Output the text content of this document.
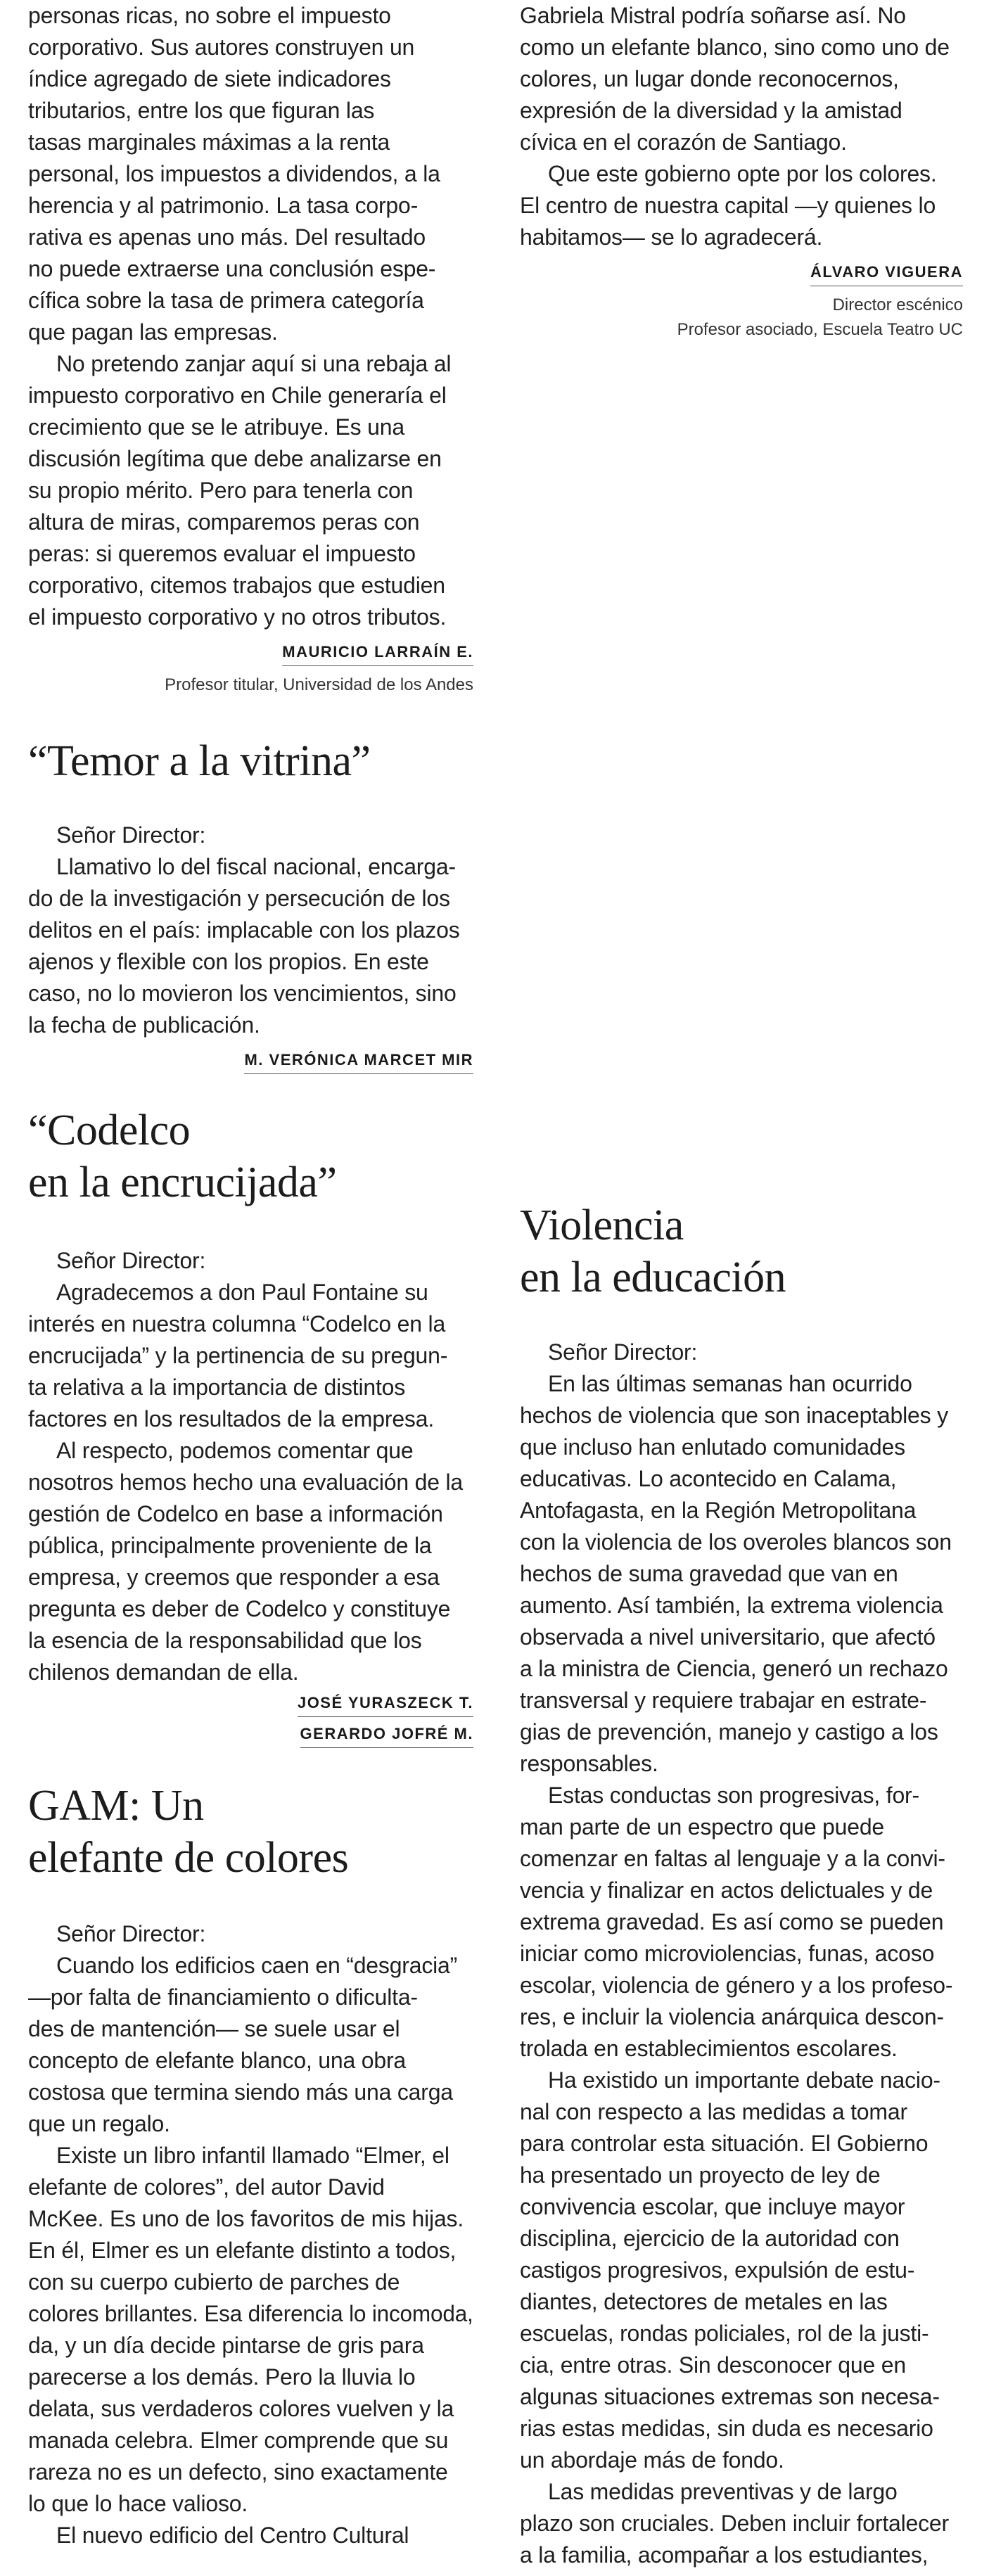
personas ricas, no sobre el impuesto
corporativo. Sus autores construyen un
índice agregado de siete indicadores
tributarios, entre los que figuran las
tasas marginales máximas a la renta
personal, los impuestos a dividendos, a la
herencia y al patrimonio. La tasa corpo-
rativa es apenas uno más. Del resultado
no puede extraerse una conclusión espe-
cífica sobre la tasa de primera categoría
que pagan las empresas.
No pretendo zanjar aquí si una rebaja al
impuesto corporativo en Chile generaría el
crecimiento que se le atribuye. Es una
discusión legítima que debe analizarse en
su propio mérito. Pero para tenerla con
altura de miras, comparemos peras con
peras: si queremos evaluar el impuesto
corporativo, citemos trabajos que estudien
el impuesto corporativo y no otros tributos.
MAURICIO LARRAÍN E.
Profesor titular, Universidad de los Andes
“Temor a la vitrina”
Señor Director:
Llamativo lo del fiscal nacional, encarga-
do de la investigación y persecución de los
delitos en el país: implacable con los plazos
ajenos y flexible con los propios. En este
caso, no lo movieron los vencimientos, sino
la fecha de publicación.
M. VERÓNICA MARCET MIR
“Codelco
en la encrucijada”
Señor Director:
Agradecemos a don Paul Fontaine su
interés en nuestra columna “Codelco en la
encrucijada” y la pertinencia de su pregun-
ta relativa a la importancia de distintos
factores en los resultados de la empresa.
Al respecto, podemos comentar que
nosotros hemos hecho una evaluación de la
gestión de Codelco en base a información
pública, principalmente proveniente de la
empresa, y creemos que responder a esa
pregunta es deber de Codelco y constituye
la esencia de la responsabilidad que los
chilenos demandan de ella.
JOSÉ YURASZECK T.
GERARDO JOFRÉ M.
GAM: Un
elefante de colores
Señor Director:
Cuando los edificios caen en “desgracia”
—por falta de financiamiento o dificulta-
des de mantención— se suele usar el
concepto de elefante blanco, una obra
costosa que termina siendo más una carga
que un regalo.
Existe un libro infantil llamado “Elmer, el
elefante de colores”, del autor David
McKee. Es uno de los favoritos de mis hijas.
En él, Elmer es un elefante distinto a todos,
con su cuerpo cubierto de parches de
colores brillantes. Esa diferencia lo incomoda,
da, y un día decide pintarse de gris para
parecerse a los demás. Pero la lluvia lo
delata, sus verdaderos colores vuelven y la
manada celebra. Elmer comprende que su
rareza no es un defecto, sino exactamente
lo que lo hace valioso.
El nuevo edificio del Centro Cultural
Gabriela Mistral podría soñarse así. No
como un elefante blanco, sino como uno de
colores, un lugar donde reconocernos,
expresión de la diversidad y la amistad
cívica en el corazón de Santiago.
Que este gobierno opte por los colores.
El centro de nuestra capital —y quienes lo
habitamos— se lo agradecerá.
ÁLVARO VIGUERA
Director escénico
Profesor asociado, Escuela Teatro UC
Violencia
en la educación
Señor Director:
En las últimas semanas han ocurrido
hechos de violencia que son inaceptables y
que incluso han enlutado comunidades
educativas. Lo acontecido en Calama,
Antofagasta, en la Región Metropolitana
con la violencia de los overoles blancos son
hechos de suma gravedad que van en
aumento. Así también, la extrema violencia
observada a nivel universitario, que afectó
a la ministra de Ciencia, generó un rechazo
transversal y requiere trabajar en estrate-
gias de prevención, manejo y castigo a los
responsables.
Estas conductas son progresivas, for-
man parte de un espectro que puede
comenzar en faltas al lenguaje y a la convi-
vencia y finalizar en actos delictuales y de
extrema gravedad. Es así como se pueden
iniciar como microviolencias, funas, acoso
escolar, violencia de género y a los profeso-
res, e incluir la violencia anárquica descon-
trolada en establecimientos escolares.
Ha existido un importante debate nacio-
nal con respecto a las medidas a tomar
para controlar esta situación. El Gobierno
ha presentado un proyecto de ley de
convivencia escolar, que incluye mayor
disciplina, ejercicio de la autoridad con
castigos progresivos, expulsión de estu-
diantes, detectores de metales en las
escuelas, rondas policiales, rol de la justi-
cia, entre otras. Sin desconocer que en
algunas situaciones extremas son necesa-
rias estas medidas, sin duda es necesario
un abordaje más de fondo.
Las medidas preventivas y de largo
plazo son cruciales. Deben incluir fortalecer
a la familia, acompañar a los estudiantes,
